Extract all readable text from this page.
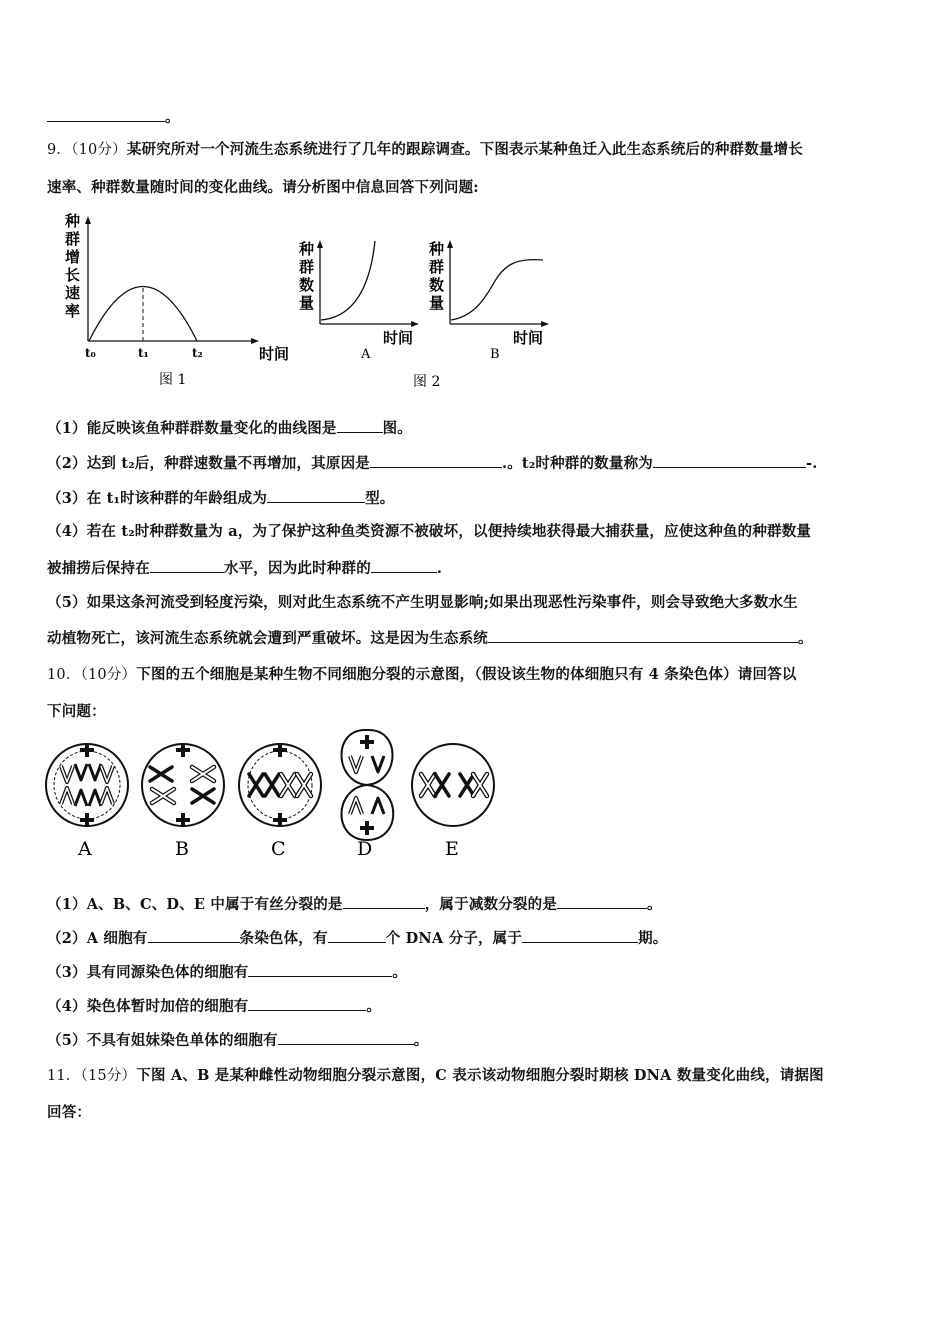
。
9．（10分）某研究所对一个河流生态系统进行了几年的跟踪调查。下图表示某种鱼迁入此生态系统后的种群数量增长
速率、种群数量随时间的变化曲线。请分析图中信息回答下列问题:
种
群
增
长
速
率
t₀	t₁	t₂	时间
图 1
种
群
数
量
时间
A
种
群
数
量
时间
B
图 2
（1）能反映该鱼种群群数量变化的曲线图是	图。
（2）达到 t₂后，种群速数量不再增加，其原因是	.。t₂时种群的数量称为	-.
（3）在 t₁时该种群的年龄组成为	型。
（4）若在 t₂时种群数量为 a，为了保护这种鱼类资源不被破坏，以便持续地获得最大捕获量，应使这种鱼的种群数量
被捕捞后保持在	水平，因为此时种群的	.
（5）如果这条河流受到轻度污染，则对此生态系统不产生明显影响;如果出现恶性污染事件，则会导致绝大多数水生
动植物死亡，该河流生态系统就会遭到严重破坏。这是因为生态系统	。
10．（10分）下图的五个细胞是某种生物不同细胞分裂的示意图，（假设该生物的体细胞只有 4 条染色体）请回答以
下问题：
A	B	C	D	E
（1）A、B、C、D、E 中属于有丝分裂的是	，属于减数分裂的是	。
（2）A 细胞有	条染色体，有	个 DNA 分子，属于	期。
（3）具有同源染色体的细胞有	。
（4）染色体暂时加倍的细胞有	。
（5）不具有姐妹染色单体的细胞有	。
11．（15分）下图 A、B 是某种雌性动物细胞分裂示意图，C 表示该动物细胞分裂时期核 DNA 数量变化曲线，请据图
回答：
